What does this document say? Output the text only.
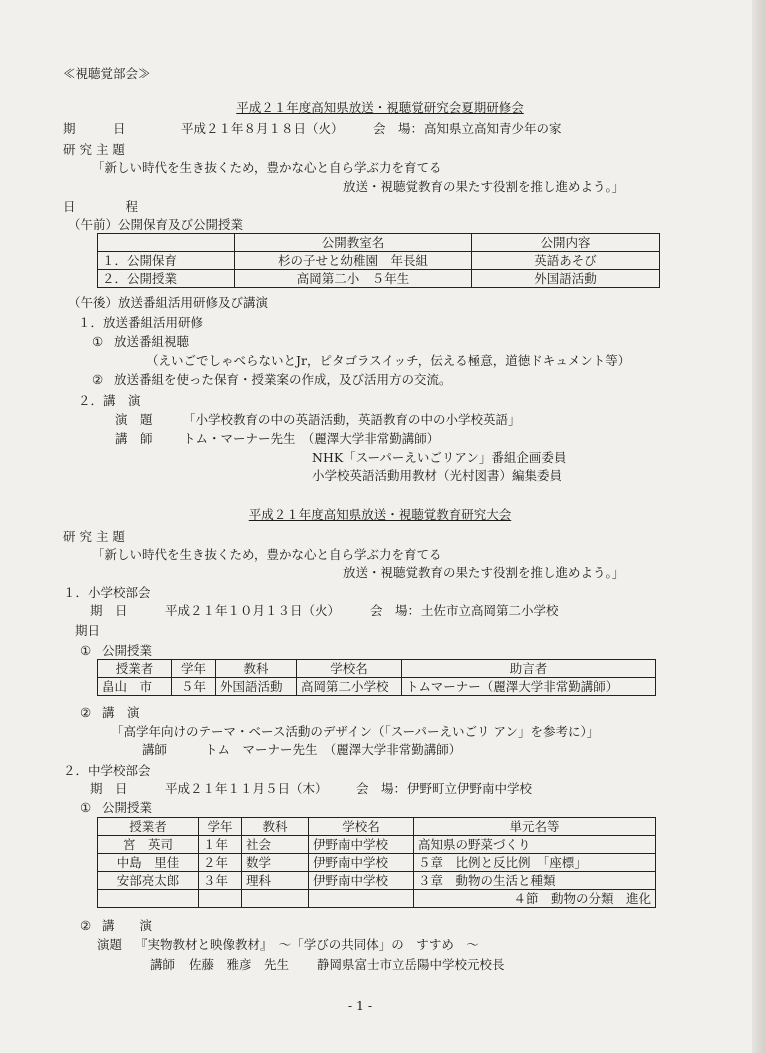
≪視聴覚部会≫
平成２１年度高知県放送・視聴覚研究会夏期研修会
期　　　日	平成２１年８月１８日（火） 会　場： 高知県立高知青少年の家
研 究 主 題
「新しい時代を生き抜くため，豊かな心と自ら学ぶ力を育てる
放送・視聴覚教育の果たす役割を推し進めよう。」
日　　　　程
（午前）公開保育及び公開授業
	公開教室名	公開内容
１．公開保育	杉の子せと幼稚園　年長組	英語あそび
２．公開授業	高岡第二小　５年生	外国語活動
（午後）放送番組活用研修及び講演
１．放送番組活用研修
① 放送番組視聴
（えいごでしゃべらないとJr，ピタゴラスイッチ，伝える極意，道徳ドキュメント等）
② 放送番組を使った保育・授業案の作成，及び活用方の交流。
２．講　演
演　題 「小学校教育の中の英語活動，英語教育の中の小学校英語」
講　師 トム・マーナー先生　（麗澤大学非常勤講師）
NHK「スーパーえいごリアン」番組企画委員
小学校英語活動用教材（光村図書）編集委員
平成２１年度高知県放送・視聴覚教育研究大会
研 究 主 題
「新しい時代を生き抜くため，豊かな心と自ら学ぶ力を育てる
放送・視聴覚教育の果たす役割を推し進めよう。」
１．小学校部会
期　日	平成２１年１０月１３日（火） 会　場： 土佐市立高岡第二小学校
期日
① 公開授業
授業者	学年	教科	学校名	助言者
畠山　市	５年	外国語活動	高岡第二小学校	トムマーナー（麗澤大学非常勤講師）
② 講　演
「高学年向けのテーマ・ベース活動のデザイン（「スーパーえいごリ アン」を参考に）」
講師	トム　マーナー先生　（麗澤大学非常勤講師）
２．中学校部会
期　日	平成２１年１１月５日（木） 会　場： 伊野町立伊野南中学校
① 公開授業
授業者	学年	教科	学校名	単元名等
宮　英司	１年	社会	伊野南中学校	高知県の野菜づくり
中島　里佳	２年	数学	伊野南中学校	５章　比例と反比例　「座標」
安部亮太郎	３年	理科	伊野南中学校	３章　動物の生活と種類
				４節　動物の分類　進化
② 講　　演
演題 『実物教材と映像教材』　～「学びの共同体」の　すすめ　～
講師 佐藤　雅彦　先生 静岡県富士市立岳陽中学校元校長
- 1 -
